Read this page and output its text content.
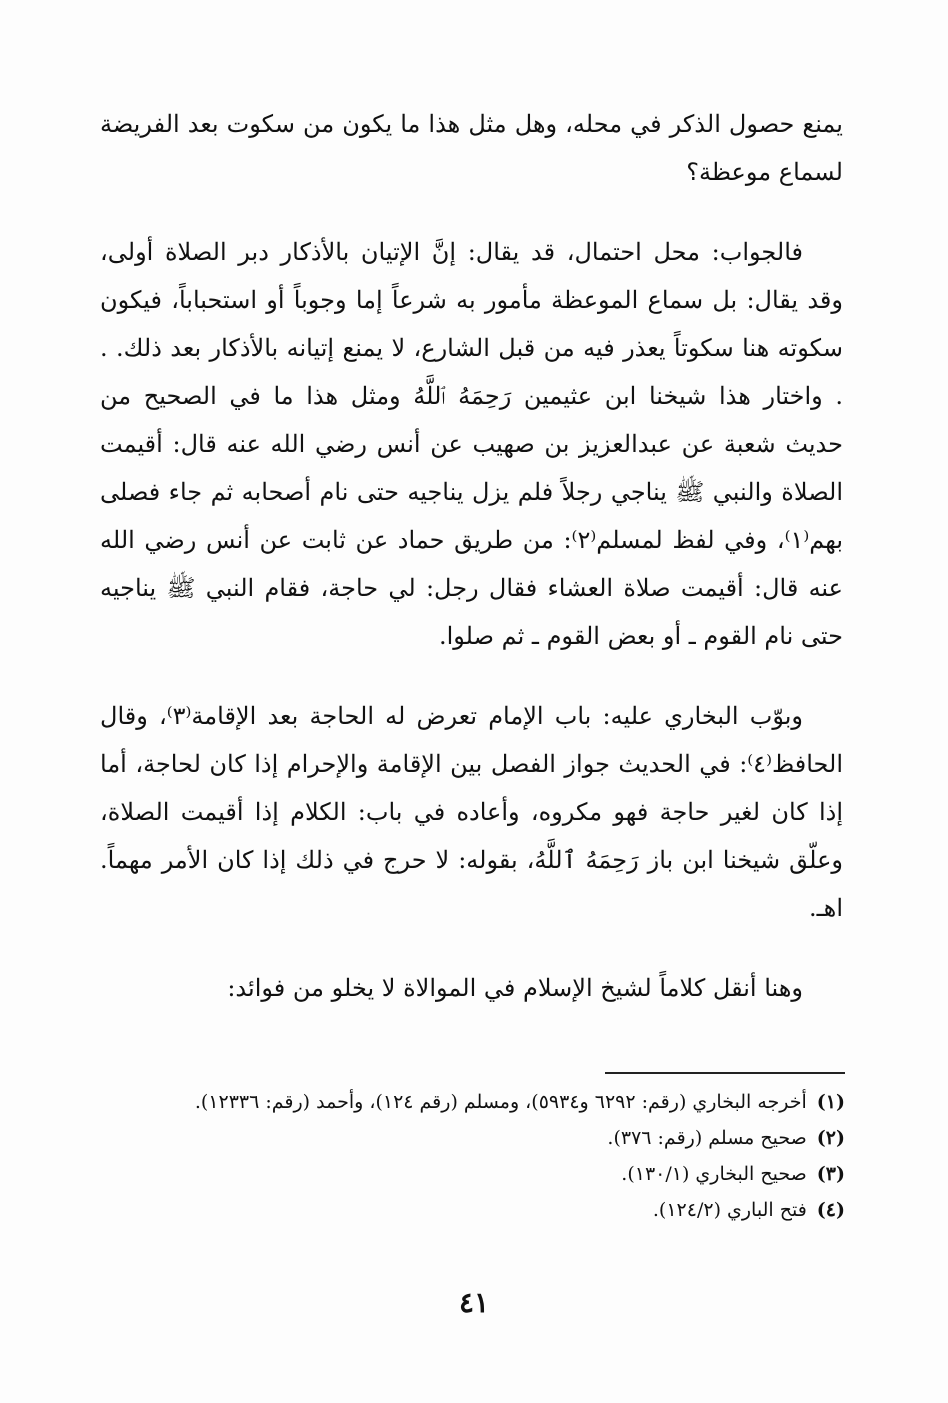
يمنع حصول الذكر في محله، وهل مثل هذا ما يكون من سكوت بعد الفريضة لسماع موعظة؟

فالجواب: محل احتمال، قد يقال: إنَّ الإتيان بالأذكار دبر الصلاة أولى، وقد يقال: بل سماع الموعظة مأمور به شرعاً إما وجوباً أو استحباباً، فيكون سكوته هنا سكوتاً يعذر فيه من قبل الشارع، لا يمنع إتيانه بالأذكار بعد ذلك. . . واختار هذا شيخنا ابن عثيمين رَحِمَهُ ٱللَّهُ ومثل هذا ما في الصحيح من حديث شعبة عن عبدالعزيز بن صهيب عن أنس رضي الله عنه قال: أقيمت الصلاة والنبي ﷺ يناجي رجلاً فلم يزل يناجيه حتى نام أصحابه ثم جاء فصلى بهم⁽١⁾، وفي لفظ لمسلم⁽٢⁾: من طريق حماد عن ثابت عن أنس رضي الله عنه قال: أقيمت صلاة العشاء فقال رجل: لي حاجة، فقام النبي ﷺ يناجيه حتى نام القوم ـ أو بعض القوم ـ ثم صلوا.

وبوّب البخاري عليه: باب الإمام تعرض له الحاجة بعد الإقامة⁽٣⁾، وقال الحافظ⁽٤⁾: في الحديث جواز الفصل بين الإقامة والإحرام إذا كان لحاجة، أما إذا كان لغير حاجة فهو مكروه، وأعاده في باب: الكلام إذا أقيمت الصلاة، وعلّق شيخنا ابن باز رَحِمَهُ ٱللَّهُ، بقوله: لا حرج في ذلك إذا كان الأمر مهماً. اهـ.

وهنا أنقل كلاماً لشيخ الإسلام في الموالاة لا يخلو من فوائد:

(١)
أخرجه البخاري (رقم: ٦٢٩٢ و٥٩٣٤)، ومسلم (رقم ١٢٤)، وأحمد (رقم: ١٢٣٣٦).
(٢)
صحيح مسلم (رقم: ٣٧٦).
(٣)
صحيح البخاري (١٣٠/١).
(٤)
فتح الباري (١٢٤/٢).
٤١
